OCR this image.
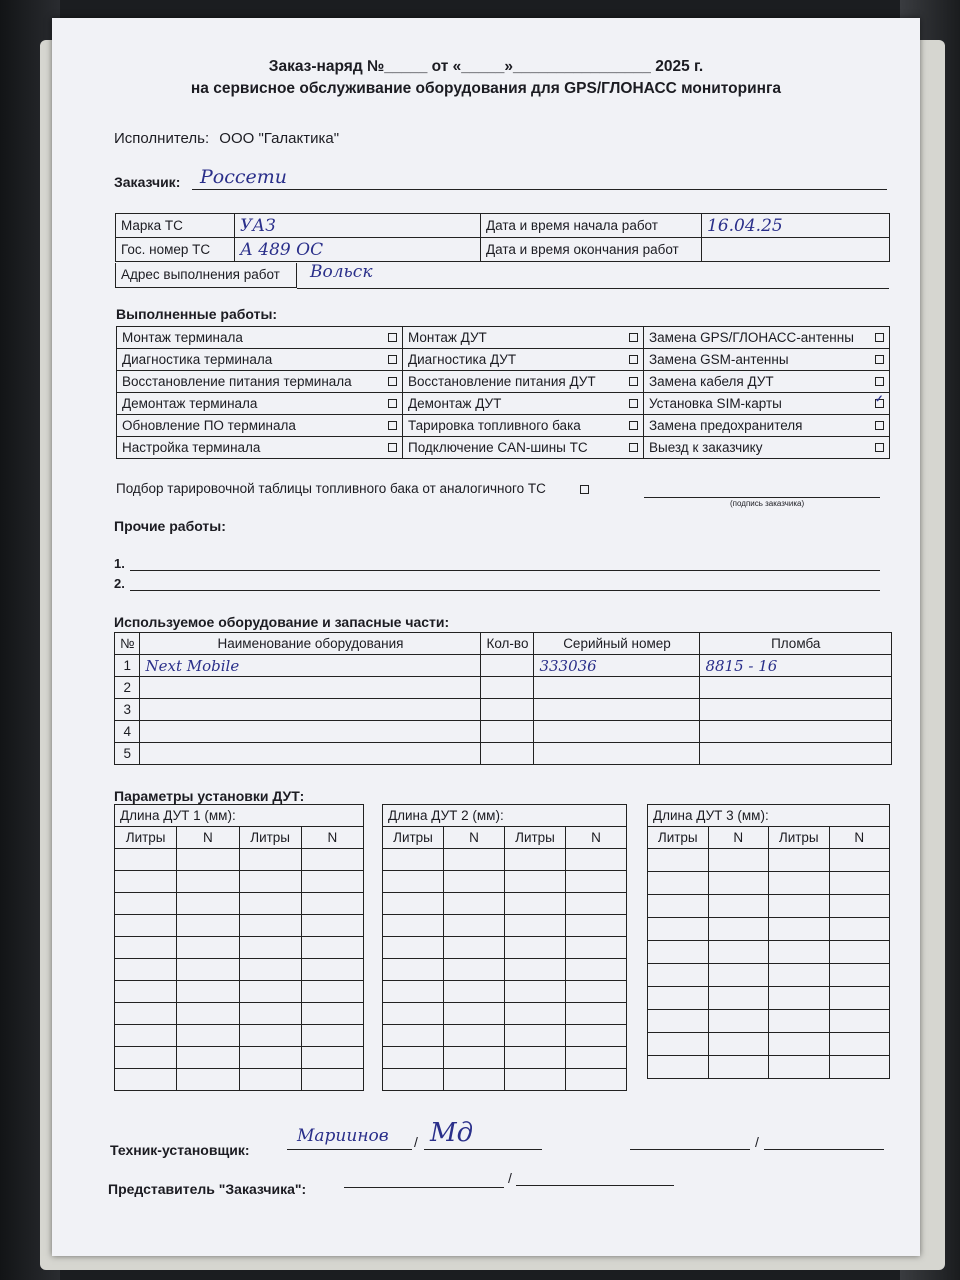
Заказ-наряд №_____ от «_____»________________ 2025 г.
на сервисное обслуживание оборудования для GPS/ГЛОНАСС мониторинга
Исполнитель: ООО "Галактика"
Заказчик: Россети
Марка ТС	УАЗ	Дата и время начала работ	16.04.25
Гос. номер ТС	А 489 ОС	Дата и время окончания работ	
Адрес выполнения работ	Вольск
Выполненные работы:
Монтаж терминала	Монтаж ДУТ	Замена GPS/ГЛОНАСС-антенны

Диагностика терминала	Диагностика ДУТ	Замена GSM-антенны

Восстановление питания терминала	Восстановление питания ДУТ	Замена кабеля ДУТ

Демонтаж терминала	Демонтаж ДУТ	Установка SIM-карты
✓

Обновление ПО терминала	Тарировка топливного бака	Замена предохранителя

Настройка терминала	Подключение CAN-шины ТС	Выезд к заказчику
Подбор тарировочной таблицы топливного бака от аналогичного ТС
(подпись заказчика)
Прочие работы:
1.
2.
Используемое оборудование и запасные части:
№	Наименование оборудования	Кол-во	Серийный номер	Пломба
1	Next Mobile		333036	8815 - 16
2				
3				
4				
5				
Параметры установки ДУТ:
Длина ДУТ 1 (мм):
Литры	N	Литры	N

Длина ДУТ 2 (мм):
Литры	N	Литры	N

Длина ДУТ 3 (мм):
Литры	N	Литры	N

Техник-установщик:
Мариинов / Мд	/
Представитель "Заказчика":
/
